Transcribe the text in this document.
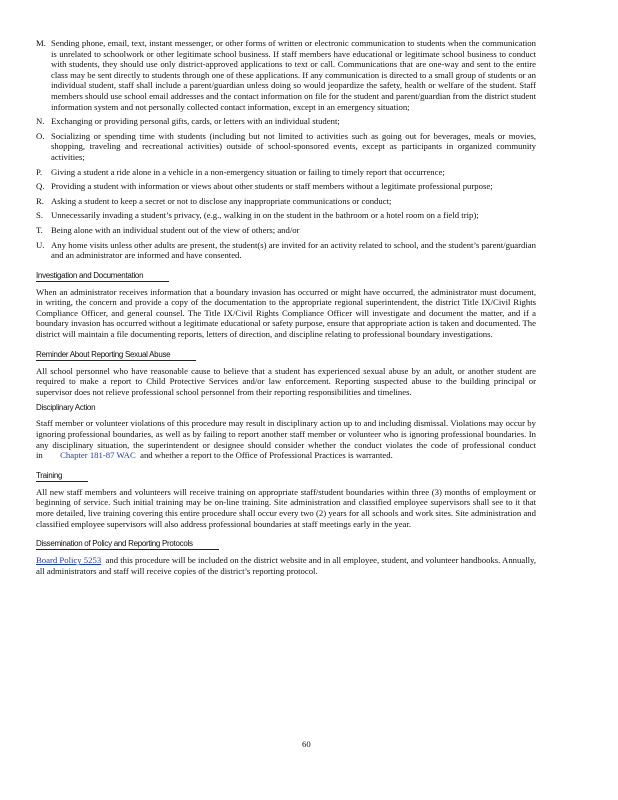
M. Sending phone, email, text, instant messenger, or other forms of written or electronic communication to students when the communication is unrelated to schoolwork or other legitimate school business. If staff members have educational or legitimate school business to conduct with students, they should use only district-approved applications to text or call. Communications that are one-way and sent to the entire class may be sent directly to students through one of these applications. If any communication is directed to a small group of students or an individual student, staff shall include a parent/guardian unless doing so would jeopardize the safety, health or welfare of the student. Staff members should use school email addresses and the contact information on file for the student and parent/guardian from the district student information system and not personally collected contact information, except in an emergency situation;
N. Exchanging or providing personal gifts, cards, or letters with an individual student;
O. Socializing or spending time with students (including but not limited to activities such as going out for beverages, meals or movies, shopping, traveling and recreational activities) outside of school-sponsored events, except as participants in organized community activities;
P. Giving a student a ride alone in a vehicle in a non-emergency situation or failing to timely report that occurrence;
Q. Providing a student with information or views about other students or staff members without a legitimate professional purpose;
R. Asking a student to keep a secret or not to disclose any inappropriate communications or conduct;
S. Unnecessarily invading a student’s privacy, (e.g., walking in on the student in the bathroom or a hotel room on a field trip);
T. Being alone with an individual student out of the view of others; and/or
U. Any home visits unless other adults are present, the student(s) are invited for an activity related to school, and the student’s parent/guardian and an administrator are informed and have consented.
Investigation and Documentation
When an administrator receives information that a boundary invasion has occurred or might have occurred, the administrator must document, in writing, the concern and provide a copy of the documentation to the appropriate regional superintendent, the district Title IX/Civil Rights Compliance Officer, and general counsel. The Title IX/Civil Rights Compliance Officer will investigate and document the matter, and if a boundary invasion has occurred without a legitimate educational or safety purpose, ensure that appropriate action is taken and documented. The district will maintain a file documenting reports, letters of direction, and discipline relating to professional boundary investigations.
Reminder About Reporting Sexual Abuse
All school personnel who have reasonable cause to believe that a student has experienced sexual abuse by an adult, or another student are required to make a report to Child Protective Services and/or law enforcement. Reporting suspected abuse to the building principal or supervisor does not relieve professional school personnel from their reporting responsibilities and timelines.
Disciplinary Action
Staff member or volunteer violations of this procedure may result in disciplinary action up to and including dismissal. Violations may occur by ignoring professional boundaries, as well as by failing to report another staff member or volunteer who is ignoring professional boundaries. In any disciplinary situation, the superintendent or designee should consider whether the conduct violates the code of professional conduct in Chapter 181-87 WAC and whether a report to the Office of Professional Practices is warranted.
Training
All new staff members and volunteers will receive training on appropriate staff/student boundaries within three (3) months of employment or beginning of service. Such initial training may be on-line training. Site administration and classified employee supervisors shall see to it that more detailed, live training covering this entire procedure shall occur every two (2) years for all schools and work sites. Site administration and classified employee supervisors will also address professional boundaries at staff meetings early in the year.
Dissemination of Policy and Reporting Protocols
Board Policy 5253 and this procedure will be included on the district website and in all employee, student, and volunteer handbooks. Annually, all administrators and staff will receive copies of the district’s reporting protocol.
60
